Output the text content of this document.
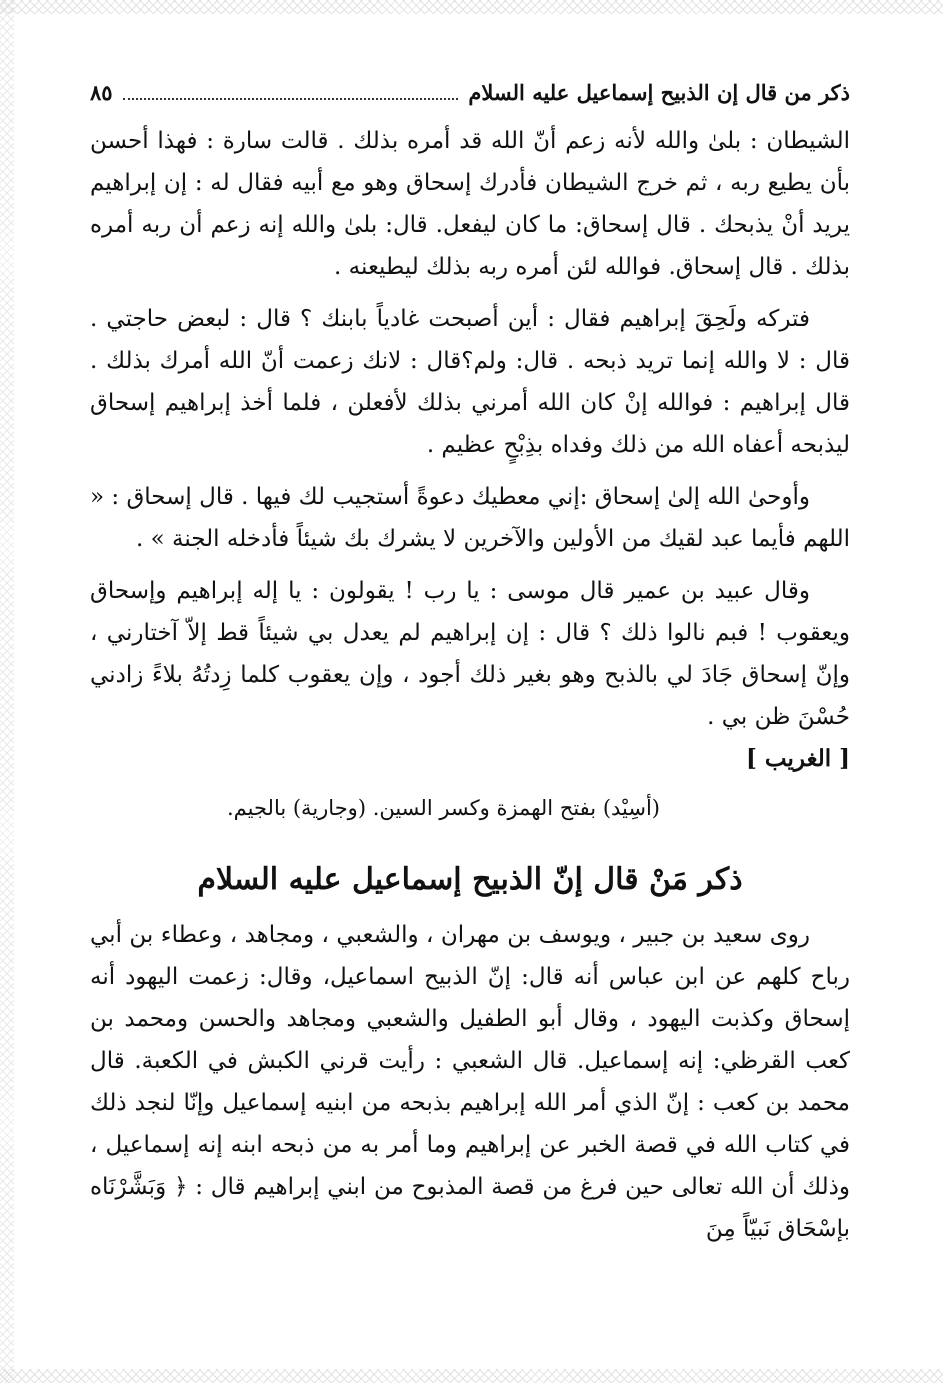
ذكر من قال إن الذبيح إسماعيل عليه السلام
٨٥

الشيطان : بلىٰ والله لأنه زعم أنّ الله قد أمره بذلك . قالت سارة : فهذا أحسن بأن يطيع ربه ، ثم خرج الشيطان فأدرك إسحاق وهو مع أبيه فقال له : إن إبراهيم يريد أنْ يذبحك . قال إسحاق: ما كان ليفعل. قال: بلىٰ والله إنه زعم أن ربه أمره بذلك . قال إسحاق. فوالله لئن أمره ربه بذلك ليطيعنه .

فتركه ولَحِقَ إبراهيم فقال : أين أصبحت غادياً بابنك ؟ قال : لبعض حاجتي . قال : لا والله إنما تريد ذبحه . قال: ولم؟قال : لانك زعمت أنّ الله أمرك بذلك . قال إبراهيم : فوالله إنْ كان الله أمرني بذلك لأفعلن ، فلما أخذ إبراهيم إسحاق ليذبحه أعفاه الله من ذلك وفداه بذِبْحٍ عظيم .

وأوحىٰ الله إلىٰ إسحاق :إني معطيك دعوةً أستجيب لك فيها . قال إسحاق : « اللهم فأيما عبد لقيك من الأولين والآخرين لا يشرك بك شيئاً فأدخله الجنة » .

وقال عبيد بن عمير قال موسى : يا رب ! يقولون : يا إله إبراهيم وإسحاق ويعقوب ! فبم نالوا ذلك ؟ قال : إن إبراهيم لم يعدل بي شيئاً قط إلاّ آختارني ، وإنّ إسحاق جَادَ لي بالذبح وهو بغير ذلك أجود ، وإن يعقوب كلما زِدتُهُ بلاءً زادني حُسْنَ ظن بي .

[ الغريب ]

(أسِيْد) بفتح الهمزة وكسر السين. (وجارية) بالجيم.

ذكر مَنْ قال إنّ الذبيح إسماعيل عليه السلام

روى سعيد بن جبير ، ويوسف بن مهران ، والشعبي ، ومجاهد ، وعطاء بن أبي رباح كلهم عن ابن عباس أنه قال: إنّ الذبيح اسماعيل، وقال: زعمت اليهود أنه إسحاق وكذبت اليهود ، وقال أبو الطفيل والشعبي ومجاهد والحسن ومحمد بن كعب القرظي: إنه إسماعيل. قال الشعبي : رأيت قرني الكبش في الكعبة. قال محمد بن كعب : إنّ الذي أمر الله إبراهيم بذبحه من ابنيه إسماعيل وإنّا لنجد ذلك في كتاب الله في قصة الخبر عن إبراهيم وما أمر به من ذبحه ابنه إنه إسماعيل ، وذلك أن الله تعالى حين فرغ من قصة المذبوح من ابني إبراهيم قال : ﴿ وَبَشَّرْنَاه بإسْحَاق نَبيّاً مِنَ
